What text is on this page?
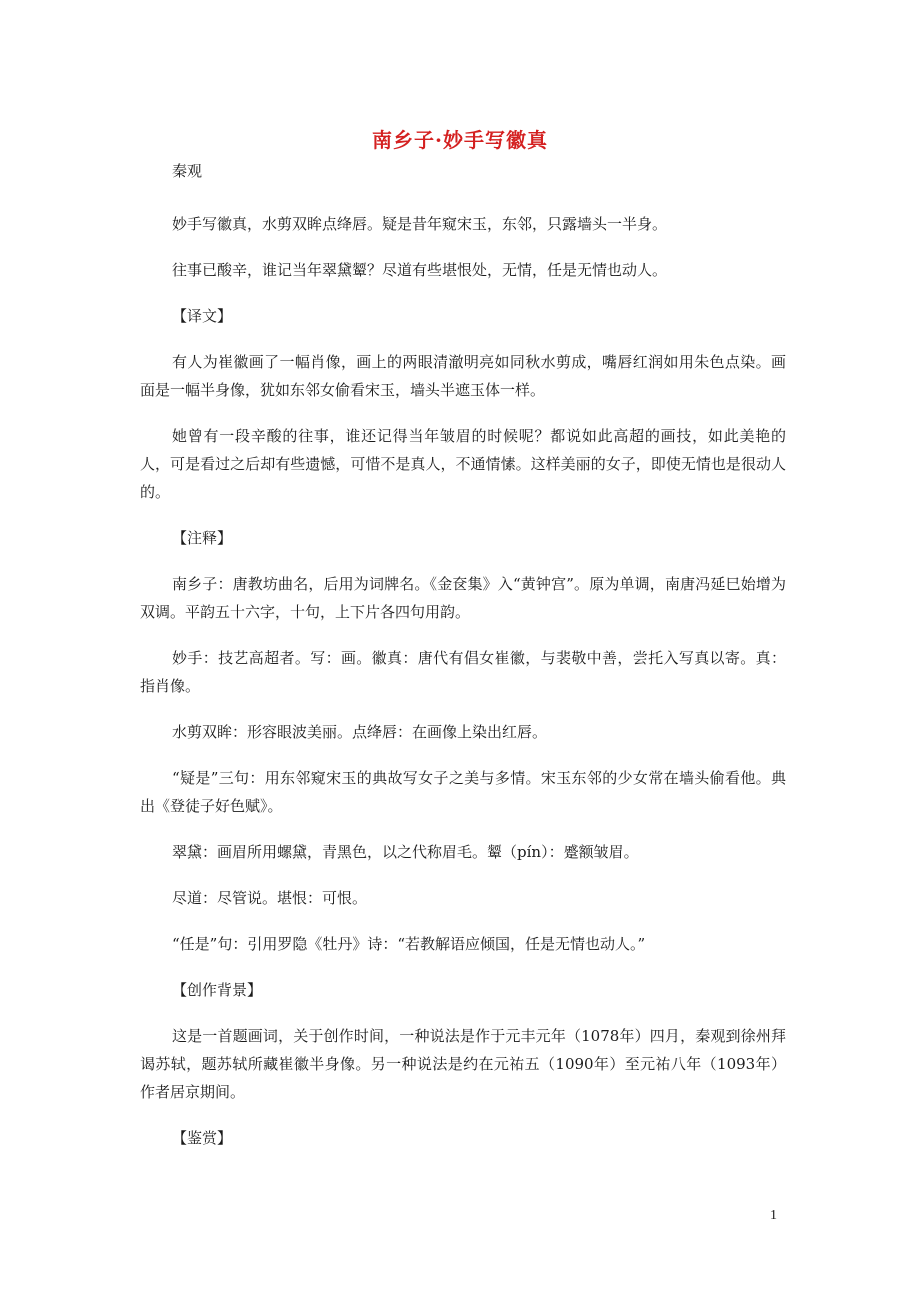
南乡子·妙手写徽真
秦观

妙手写徽真，水剪双眸点绛唇。疑是昔年窥宋玉，东邻，只露墙头一半身。

往事已酸辛，谁记当年翠黛颦？尽道有些堪恨处，无情，任是无情也动人。

【译文】

有人为崔徽画了一幅肖像，画上的两眼清澈明亮如同秋水剪成，嘴唇红润如用朱色点染。画面是一幅半身像，犹如东邻女偷看宋玉，墙头半遮玉体一样。

她曾有一段辛酸的往事，谁还记得当年皱眉的时候呢？都说如此高超的画技，如此美艳的人，可是看过之后却有些遗憾，可惜不是真人，不通情愫。这样美丽的女子，即使无情也是很动人的。

【注释】

南乡子：唐教坊曲名，后用为词牌名。《金奁集》入“黄钟宫”。原为单调，南唐冯延巳始增为双调。平韵五十六字，十句，上下片各四句用韵。

妙手：技艺高超者。写：画。徽真：唐代有倡女崔徽，与裴敬中善，尝托入写真以寄。真：指肖像。

水剪双眸：形容眼波美丽。点绛唇：在画像上染出红唇。

“疑是”三句：用东邻窥宋玉的典故写女子之美与多情。宋玉东邻的少女常在墙头偷看他。典出《登徒子好色赋》。

翠黛：画眉所用螺黛，青黑色，以之代称眉毛。颦（pín）：蹙额皱眉。

尽道：尽管说。堪恨：可恨。

“任是”句：引用罗隐《牡丹》诗：“若教解语应倾国，任是无情也动人。”

【创作背景】

这是一首题画词，关于创作时间，一种说法是作于元丰元年（1078年）四月，秦观到徐州拜谒苏轼，题苏轼所藏崔徽半身像。另一种说法是约在元祐五（1090年）至元祐八年（1093年）作者居京期间。

【鉴赏】

1
